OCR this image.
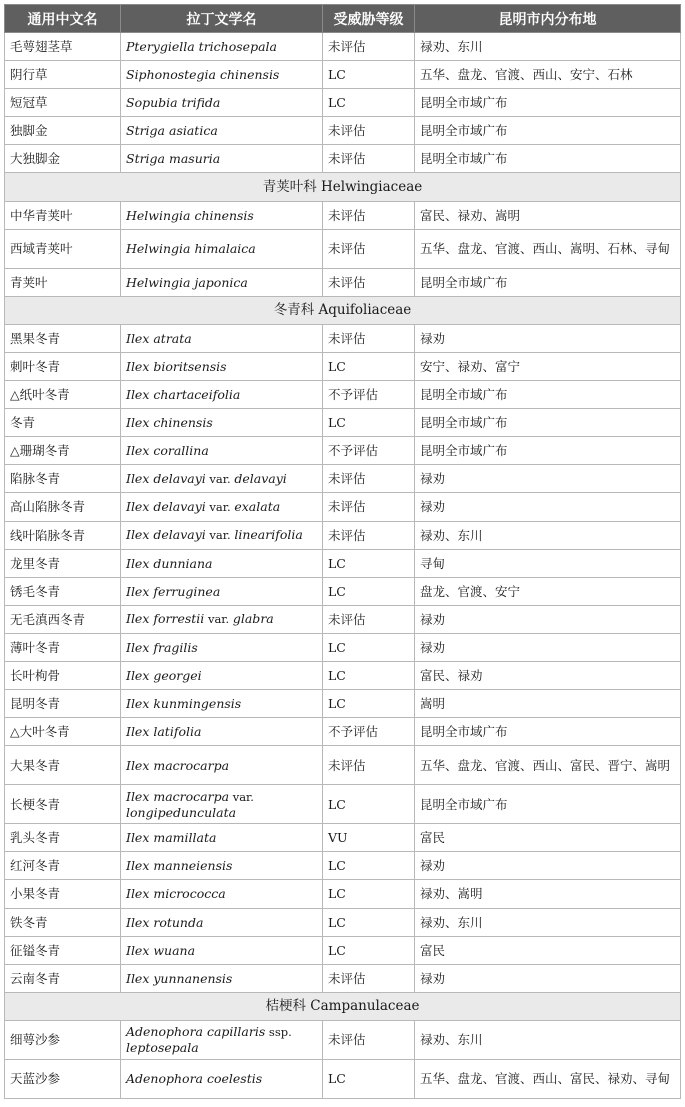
通用中文名	拉丁文学名	受威胁等级	昆明市内分布地
毛萼翅茎草	Pterygiella trichosepala	未评估	禄劝、东川
阴行草	Siphonostegia chinensis	LC	五华、盘龙、官渡、西山、安宁、石林
短冠草	Sopubia trifida	LC	昆明全市域广布
独脚金	Striga asiatica	未评估	昆明全市域广布
大独脚金	Striga masuria	未评估	昆明全市域广布
青荚叶科 Helwingiaceae			
中华青荚叶	Helwingia chinensis	未评估	富民、禄劝、嵩明
西域青荚叶	Helwingia himalaica	未评估	五华、盘龙、官渡、西山、嵩明、石林、寻甸
青荚叶	Helwingia japonica	未评估	昆明全市域广布
冬青科 Aquifoliaceae			
黑果冬青	Ilex atrata	未评估	禄劝
刺叶冬青	Ilex bioritsensis	LC	安宁、禄劝、富宁
△纸叶冬青	Ilex chartaceifolia	不予评估	昆明全市域广布
冬青	Ilex chinensis	LC	昆明全市域广布
△珊瑚冬青	Ilex corallina	不予评估	昆明全市域广布
陷脉冬青	Ilex delavayi var. delavayi	未评估	禄劝
高山陷脉冬青	Ilex delavayi var. exalata	未评估	禄劝
线叶陷脉冬青	Ilex delavayi var. linearifolia	未评估	禄劝、东川
龙里冬青	Ilex dunniana	LC	寻甸
锈毛冬青	Ilex ferruginea	LC	盘龙、官渡、安宁
无毛滇西冬青	Ilex forrestii var. glabra	未评估	禄劝
薄叶冬青	Ilex fragilis	LC	禄劝
长叶枸骨	Ilex georgei	LC	富民、禄劝
昆明冬青	Ilex kunmingensis	LC	嵩明
△大叶冬青	Ilex latifolia	不予评估	昆明全市域广布
大果冬青	Ilex macrocarpa	未评估	五华、盘龙、官渡、西山、富民、晋宁、嵩明
长梗冬青	Ilex macrocarpa var. longipedunculata	LC	昆明全市域广布
乳头冬青	Ilex mamillata	VU	富民
红河冬青	Ilex manneiensis	LC	禄劝
小果冬青	Ilex micrococca	LC	禄劝、嵩明
铁冬青	Ilex rotunda	LC	禄劝、东川
征镒冬青	Ilex wuana	LC	富民
云南冬青	Ilex yunnanensis	未评估	禄劝
桔梗科 Campanulaceae			
细萼沙参	Adenophora capillaris ssp. leptosepala	未评估	禄劝、东川
天蓝沙参	Adenophora coelestis	LC	五华、盘龙、官渡、西山、富民、禄劝、寻甸
